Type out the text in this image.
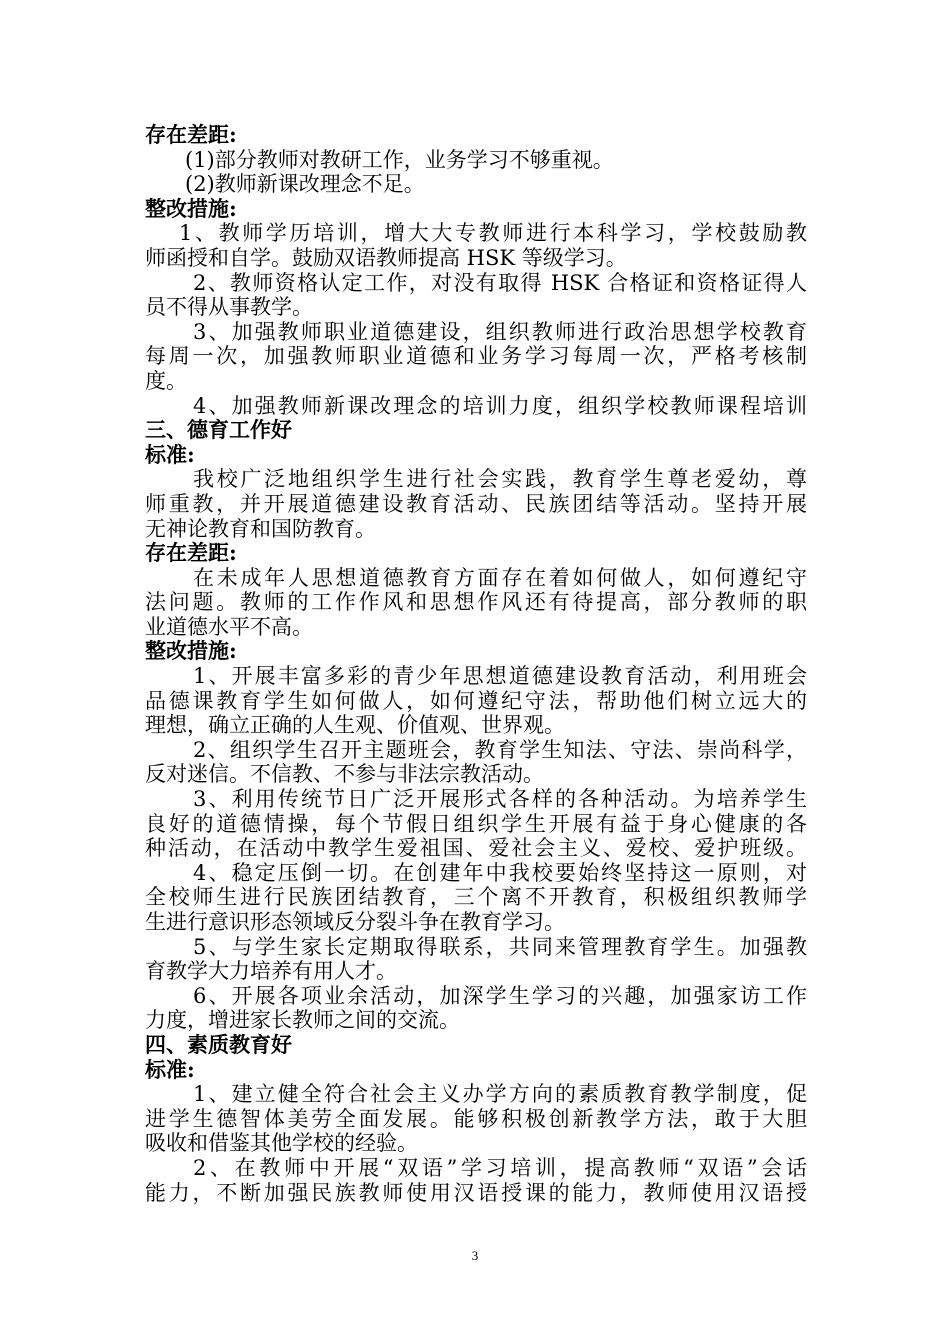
存在差距:
(1)部分教师对教研工作，业务学习不够重视。
(2)教师新课改理念不足。
整改措施:
1、教师学历培训，增大大专教师进行本科学习，学校鼓励教
师函授和自学。鼓励双语教师提高 HSK 等级学习。
2、教师资格认定工作，对没有取得 HSK 合格证和资格证得人
员不得从事教学。
3、加强教师职业道德建设，组织教师进行政治思想学校教育
每周一次，加强教师职业道德和业务学习每周一次，严格考核制
度。
4、加强教师新课改理念的培训力度，组织学校教师课程培训
三、德育工作好
标准:
我校广泛地组织学生进行社会实践，教育学生尊老爱幼，尊
师重教，并开展道德建设教育活动、民族团结等活动。坚持开展
无神论教育和国防教育。
存在差距:
在未成年人思想道德教育方面存在着如何做人，如何遵纪守
法问题。教师的工作作风和思想作风还有待提高，部分教师的职
业道德水平不高。
整改措施:
1、开展丰富多彩的青少年思想道德建设教育活动，利用班会
品德课教育学生如何做人，如何遵纪守法，帮助他们树立远大的
理想，确立正确的人生观、价值观、世界观。
2、组织学生召开主题班会，教育学生知法、守法、崇尚科学，
反对迷信。不信教、不参与非法宗教活动。
3、利用传统节日广泛开展形式各样的各种活动。为培养学生
良好的道德情操，每个节假日组织学生开展有益于身心健康的各
种活动，在活动中教学生爱祖国、爱社会主义、爱校、爱护班级。
4、稳定压倒一切。在创建年中我校要始终坚持这一原则，对
全校师生进行民族团结教育，三个离不开教育，积极组织教师学
生进行意识形态领域反分裂斗争在教育学习。
5、与学生家长定期取得联系，共同来管理教育学生。加强教
育教学大力培养有用人才。
6、开展各项业余活动，加深学生学习的兴趣，加强家访工作
力度，增进家长教师之间的交流。
四、素质教育好
标准:
1、建立健全符合社会主义办学方向的素质教育教学制度，促
进学生德智体美劳全面发展。能够积极创新教学方法，敢于大胆
吸收和借鉴其他学校的经验。
2、在教师中开展“双语”学习培训，提高教师“双语”会话
能力，不断加强民族教师使用汉语授课的能力，教师使用汉语授
3
